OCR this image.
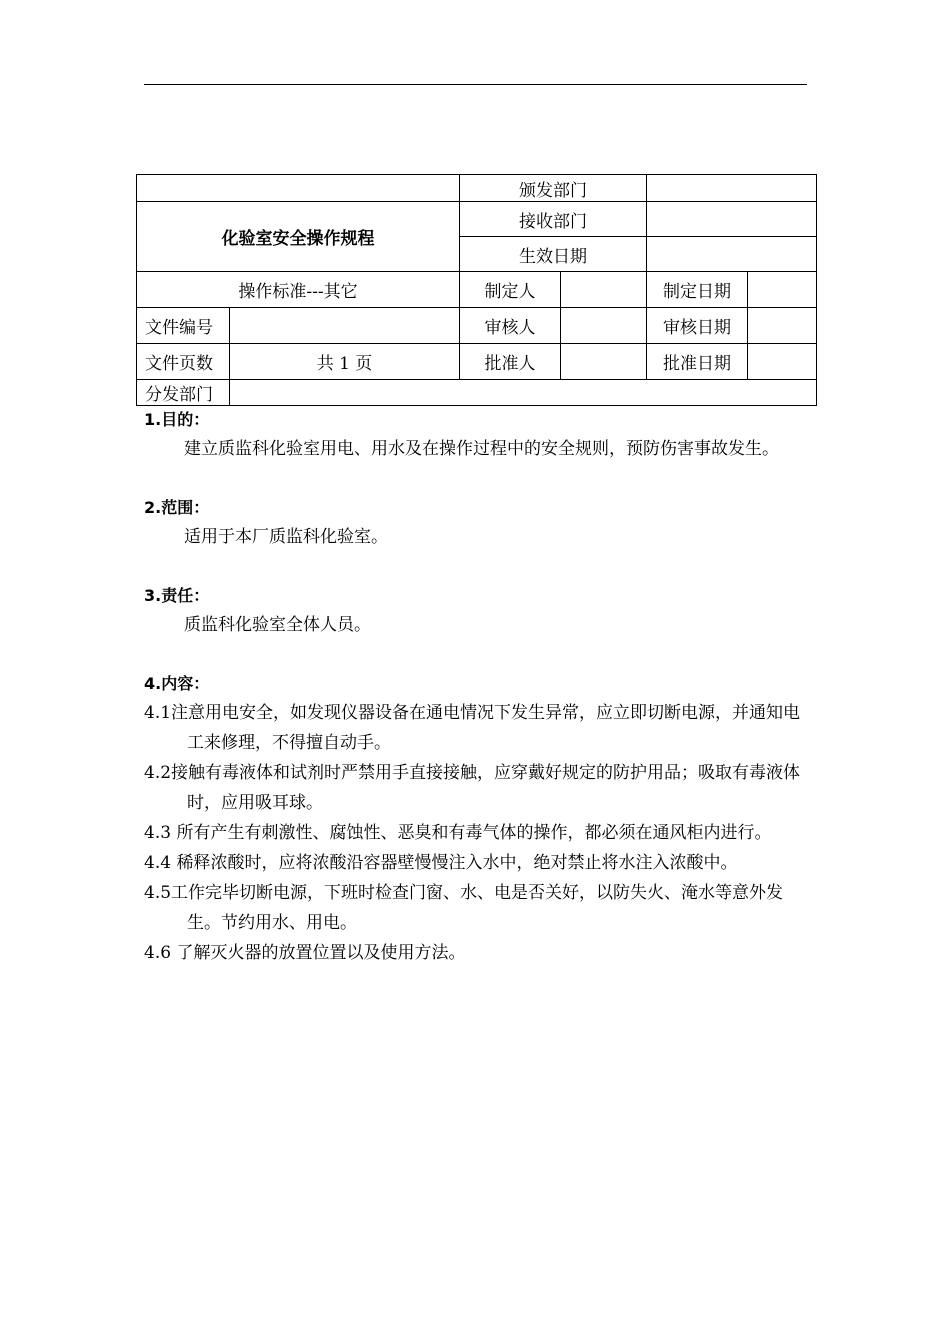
		颁发部门			
化验室安全操作规程		接收部门			
		生效日期			
操作标准---其它		制定人		制定日期	
文件编号		审核人		审核日期	
文件页数	共 1 页	批准人		批准日期	
分发部门					
1.目的：
建立质监科化验室用电、用水及在操作过程中的安全规则，预防伤害事故发生。
2.范围：
适用于本厂质监科化验室。
3.责任：
质监科化验室全体人员。
4.内容：
4.1注意用电安全，如发现仪器设备在通电情况下发生异常，应立即切断电源，并通知电工来修理，不得擅自动手。
4.2接触有毒液体和试剂时严禁用手直接接触，应穿戴好规定的防护用品；吸取有毒液体时，应用吸耳球。
4.3 所有产生有刺激性、腐蚀性、恶臭和有毒气体的操作，都必须在通风柜内进行。
4.4 稀释浓酸时，应将浓酸沿容器壁慢慢注入水中，绝对禁止将水注入浓酸中。
4.5工作完毕切断电源，下班时检查门窗、水、电是否关好，以防失火、淹水等意外发生。节约用水、用电。
4.6 了解灭火器的放置位置以及使用方法。
